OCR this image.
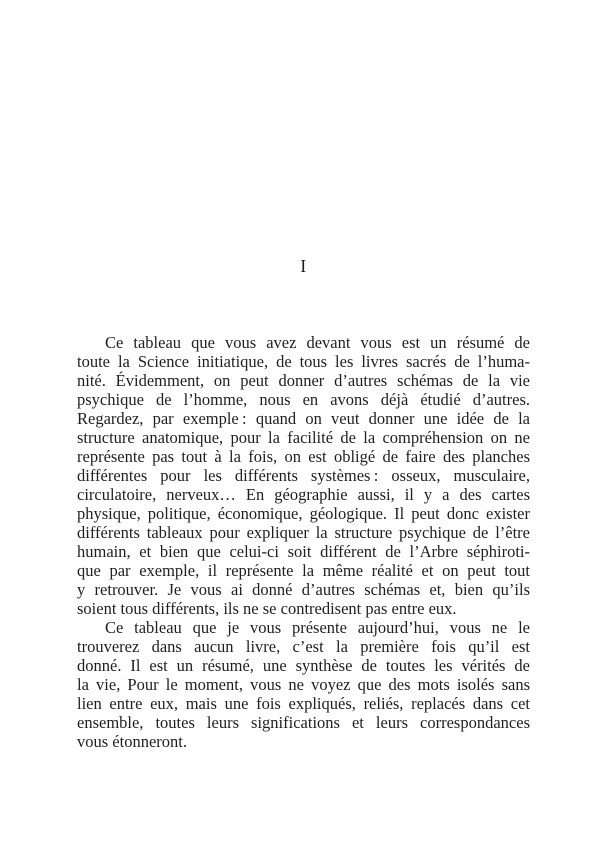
I
Ce tableau que vous avez devant vous est un résumé de
toute la Science initiatique, de tous les livres sacrés de l’huma-
nité. Évidemment, on peut donner d’autres schémas de la vie
psychique de l’homme, nous en avons déjà étudié d’autres.
Regardez, par exemple : quand on veut donner une idée de la
structure anatomique, pour la facilité de la compréhension on ne
représente pas tout à la fois, on est obligé de faire des planches
différentes pour les différents systèmes : osseux, musculaire,
circulatoire, nerveux… En géographie aussi, il y a des cartes
physique, politique, économique, géologique. Il peut donc exister
différents tableaux pour expliquer la structure psychique de l’être
humain, et bien que celui-ci soit différent de l’Arbre séphiroti-
que par exemple, il représente la même réalité et on peut tout
y retrouver. Je vous ai donné d’autres schémas et, bien qu’ils
soient tous différents, ils ne se contredisent pas entre eux.
Ce tableau que je vous présente aujourd’hui, vous ne le
trouverez dans aucun livre, c’est la première fois qu’il est
donné. Il est un résumé, une synthèse de toutes les vérités de
la vie, Pour le moment, vous ne voyez que des mots isolés sans
lien entre eux, mais une fois expliqués, reliés, replacés dans cet
ensemble, toutes leurs significations et leurs correspondances
vous étonneront.
